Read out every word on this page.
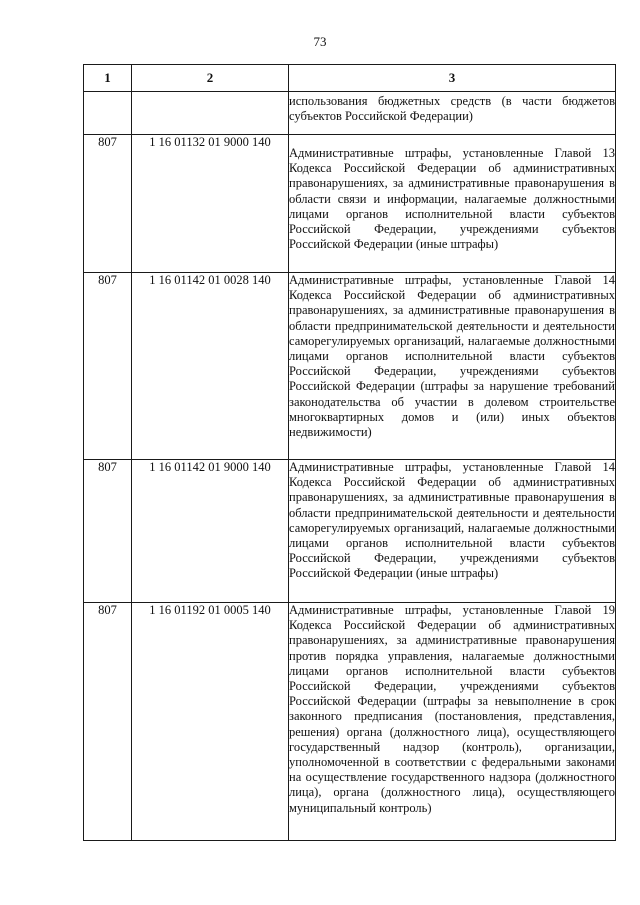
73
1	2	3
		использования бюджетных средств (в части бюджетов субъектов Российской Федерации)
807	1 16 01132 01 9000 140	Административные штрафы, установленные Главой 13 Кодекса Российской Федерации об административных правонарушениях, за административные правонарушения в области связи и информации, налагаемые должностными лицами органов исполнительной власти субъектов Российской Федерации, учреждениями субъектов Российской Федерации (иные штрафы)
807	1 16 01142 01 0028 140	Административные штрафы, установленные Главой 14 Кодекса Российской Федерации об административных правонарушениях, за административные правонарушения в области предпринимательской деятельности и деятельности саморегулируемых организаций, налагаемые должностными лицами органов исполнительной власти субъектов Российской Федерации, учреждениями субъектов Российской Федерации (штрафы за нарушение требований законодательства об участии в долевом строительстве многоквартирных домов и (или) иных объектов недвижимости)
807	1 16 01142 01 9000 140	Административные штрафы, установленные Главой 14 Кодекса Российской Федерации об административных правонарушениях, за административные правонарушения в области предпринимательской деятельности и деятельности саморегулируемых организаций, налагаемые должностными лицами органов исполнительной власти субъектов Российской Федерации, учреждениями субъектов Российской Федерации (иные штрафы)
807	1 16 01192 01 0005 140	Административные штрафы, установленные Главой 19 Кодекса Российской Федерации об административных правонарушениях, за административные правонарушения против порядка управления, налагаемые должностными лицами органов исполнительной власти субъектов Российской Федерации, учреждениями субъектов Российской Федерации (штрафы за невыполнение в срок законного предписания (постановления, представления, решения) органа (должностного лица), осуществляющего государственный надзор (контроль), организации, уполномоченной в соответствии с федеральными законами на осуществление государственного надзора (должностного лица), органа (должностного лица), осуществляющего муниципальный контроль)
